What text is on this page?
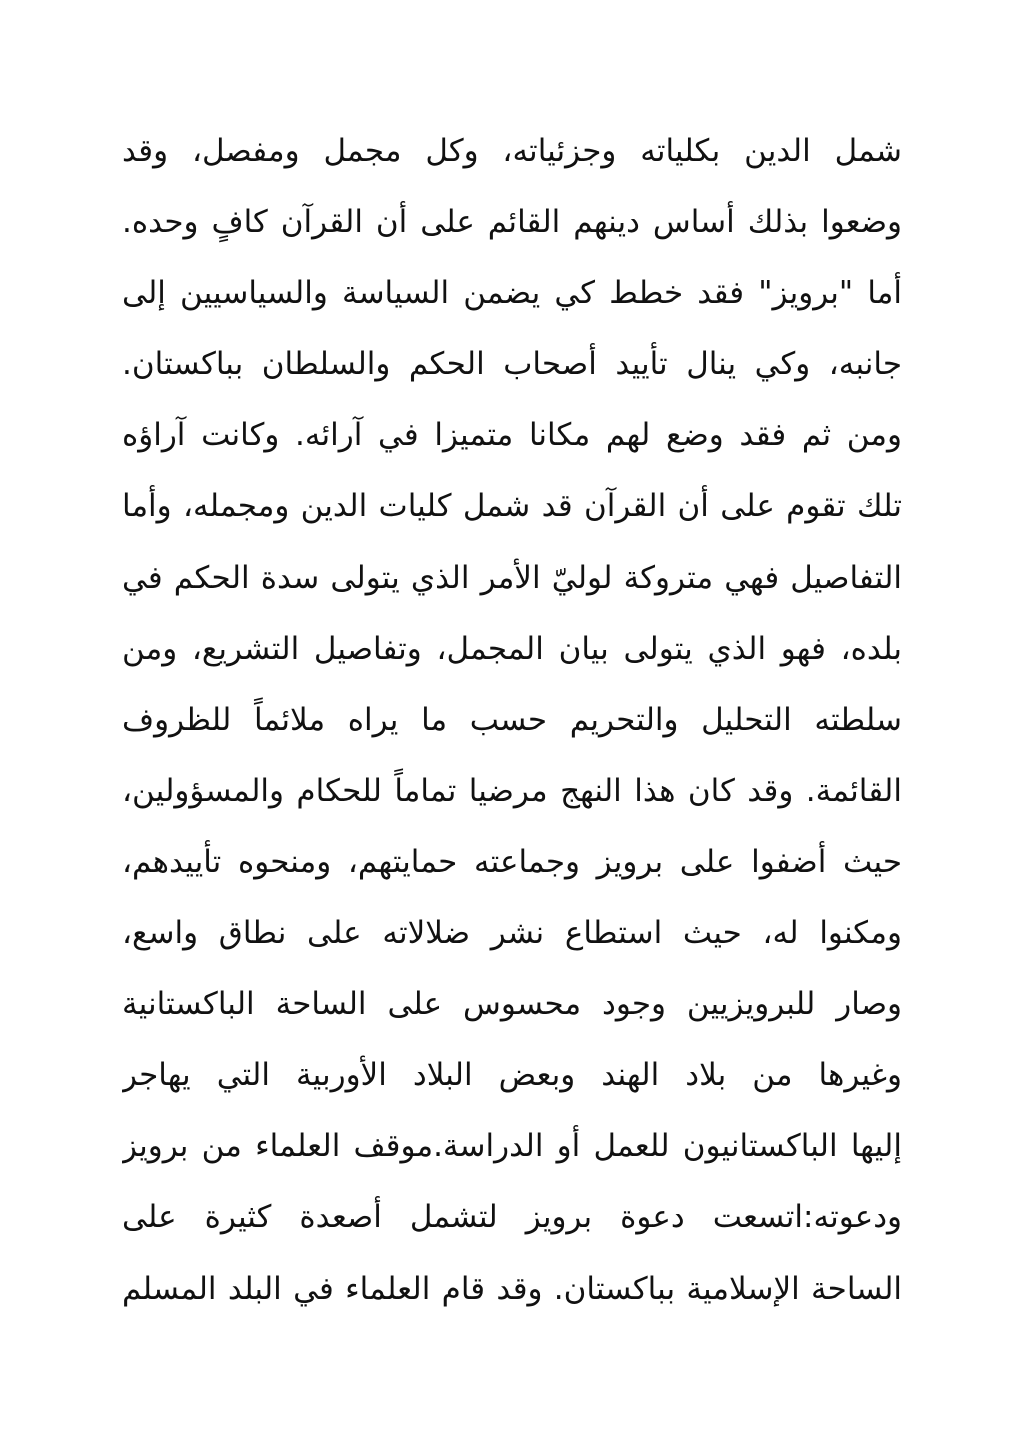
شمل الدين بكلياته وجزئياته، وكل مجمل ومفصل، وقد
وضعوا بذلك أساس دينهم القائم على أن القرآن كافٍ وحده.
أما "برويز" فقد خطط كي يضمن السياسة والسياسيين إلى
جانبه، وكي ينال تأييد أصحاب الحكم والسلطان بباكستان.
ومن ثم فقد وضع لهم مكانا متميزا في آرائه. وكانت آراؤه
تلك تقوم على أن القرآن قد شمل كليات الدين ومجمله، وأما
التفاصيل فهي متروكة لوليّ الأمر الذي يتولى سدة الحكم في
بلده، فهو الذي يتولى بيان المجمل، وتفاصيل التشريع، ومن
سلطته التحليل والتحريم حسب ما يراه ملائماً للظروف
القائمة. وقد كان هذا النهج مرضيا تماماً للحكام والمسؤولين،
حيث أضفوا على برويز وجماعته حمايتهم، ومنحوه تأييدهم،
ومكنوا له، حيث استطاع نشر ضلالاته على نطاق واسع،
وصار للبرويزيين وجود محسوس على الساحة الباكستانية
وغيرها من بلاد الهند وبعض البلاد الأوربية التي يهاجر
إليها الباكستانيون للعمل أو الدراسة.موقف العلماء من برويز
ودعوته:اتسعت دعوة برويز لتشمل أصعدة كثيرة على
الساحة الإسلامية بباكستان. وقد قام العلماء في البلد المسلم
